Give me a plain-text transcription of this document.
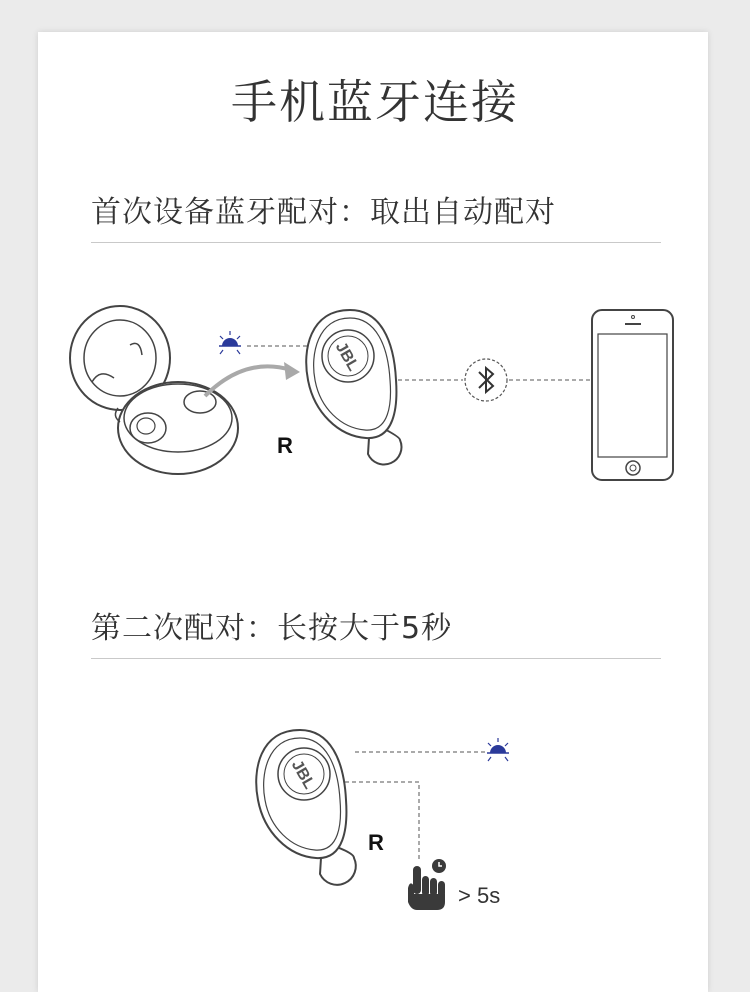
手机蓝牙连接
首次设备蓝牙配对：取出自动配对
第二次配对：长按大于5秒
JBL
R
JBL
R
> 5s
